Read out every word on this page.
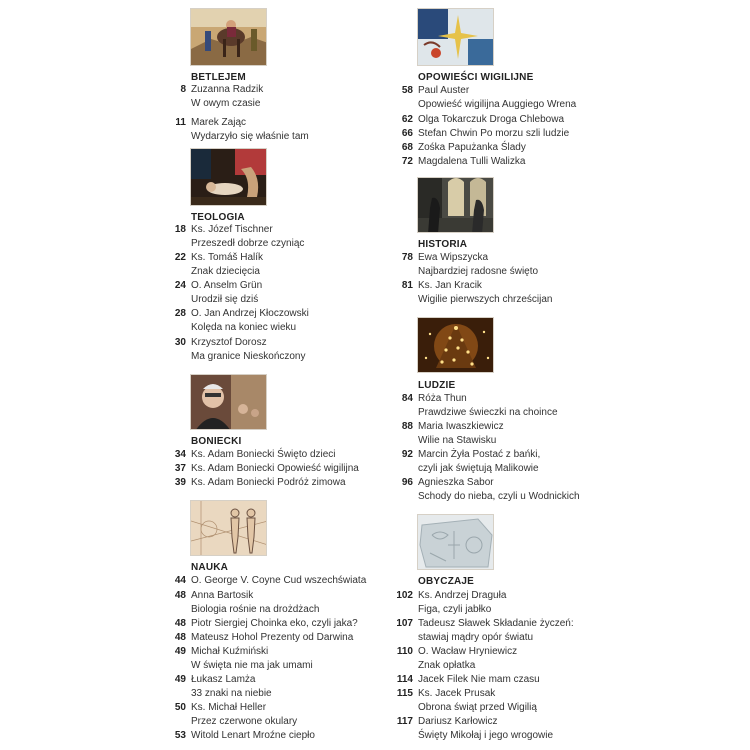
BETLEJEM
8 Zuzanna Radzik
W owym czasie
11 Marek Zając
Wydarzyło się właśnie tam
TEOLOGIA
18 Ks. Józef Tischner
Przeszedł dobrze czyniąc
22 Ks. Tomáš Halík
Znak dziecięcia
24 O. Anselm Grün
Urodził się dziś
28 O. Jan Andrzej Kłoczowski
Kolęda na koniec wieku
30 Krzysztof Dorosz
Ma granice Nieskończony
BONIECKI
34 Ks. Adam Boniecki Święto dzieci
37 Ks. Adam Boniecki Opowieść wigilijna
39 Ks. Adam Boniecki Podróż zimowa
NAUKA
44 O. George V. Coyne Cud wszechświata
48 Anna Bartosik
Biologia rośnie na drożdżach
48 Piotr Siergiej Choinka eko, czyli jaka?
48 Mateusz Hohol Prezenty od Darwina
49 Michał Kuźmiński
W święta nie ma jak umami
49 Łukasz Lamża
33 znaki na niebie
50 Ks. Michał Heller
Przez czerwone okulary
53 Witold Lenart Mroźne ciepło
OPOWIEŚCI WIGILIJNE
58 Paul Auster
Opowieść wigilijna Auggiego Wrena
62 Olga Tokarczuk Droga Chlebowa
66 Stefan Chwin Po morzu szli ludzie
68 Zośka Papużanka Ślady
72 Magdalena Tulli Walizka
HISTORIA
78 Ewa Wipszycka
Najbardziej radosne święto
81 Ks. Jan Kracik
Wigilie pierwszych chrześcijan
LUDZIE
84 Róża Thun
Prawdziwe świeczki na choince
88 Maria Iwaszkiewicz
Wilie na Stawisku
92 Marcin Żyła Postać z bańki,
czyli jak świętują Malikowie
96 Agnieszka Sabor
Schody do nieba, czyli u Wodnickich
OBYCZAJE
102 Ks. Andrzej Draguła
Figa, czyli jabłko
107 Tadeusz Sławek Składanie życzeń:
stawiaj mądry opór światu
110 O. Wacław Hryniewicz
Znak opłatka
114 Jacek Filek Nie mam czasu
115 Ks. Jacek Prusak
Obrona świąt przed Wigilią
117 Dariusz Karłowicz
Święty Mikołaj i jego wrogowie
